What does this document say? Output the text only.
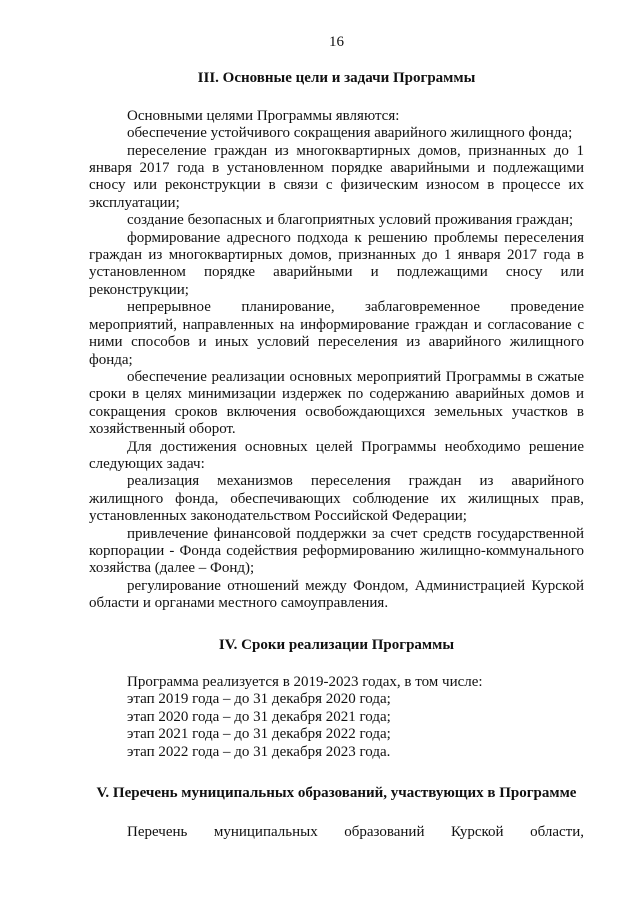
16
III. Основные цели и задачи Программы

Основными целями Программы являются:

обеспечение устойчивого сокращения аварийного жилищного фонда;

переселение граждан из многоквартирных домов, признанных до 1 января 2017 года в установленном порядке аварийными и подлежащими сносу или реконструкции в связи с физическим износом в процессе их эксплуатации;

создание безопасных и благоприятных условий проживания граждан;

формирование адресного подхода к решению проблемы переселения граждан из многоквартирных домов, признанных до 1 января 2017 года в установленном порядке аварийными и подлежащими сносу или реконструкции;

непрерывное планирование, заблаговременное проведение мероприятий, направленных на информирование граждан и согласование с ними способов и иных условий переселения из аварийного жилищного фонда;

обеспечение реализации основных мероприятий Программы в сжатые сроки в целях минимизации издержек по содержанию аварийных домов и сокращения сроков включения освобождающихся земельных участков в хозяйственный оборот.

Для достижения основных целей Программы необходимо решение следующих задач:

реализация механизмов переселения граждан из аварийного жилищного фонда, обеспечивающих соблюдение их жилищных прав, установленных законодательством Российской Федерации;

привлечение финансовой поддержки за счет средств государственной корпорации - Фонда содействия реформированию жилищно-коммунального хозяйства (далее – Фонд);

регулирование отношений между Фондом, Администрацией Курской области и органами местного самоуправления.

IV. Сроки реализации Программы

Программа реализуется в 2019-2023 годах, в том числе:

этап 2019 года – до 31 декабря 2020 года;

этап 2020 года – до 31 декабря 2021 года;

этап 2021 года – до 31 декабря 2022 года;

этап 2022 года – до 31 декабря 2023 года.

V. Перечень муниципальных образований, участвующих в Программе

Перечень муниципальных образований Курской области,
